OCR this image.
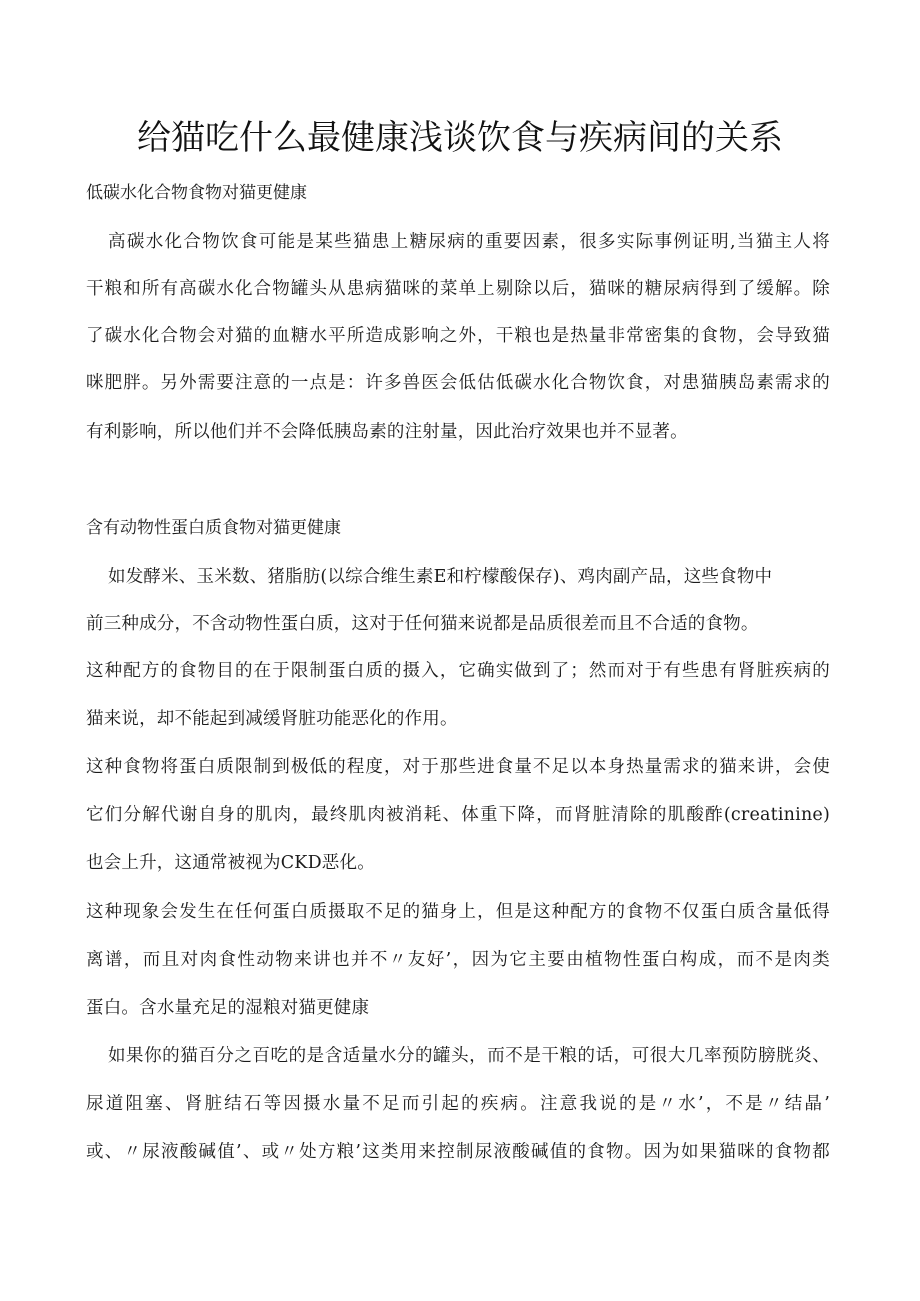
给猫吃什么最健康浅谈饮食与疾病间的关系

低碳水化合物食物对猫更健康

高碳水化合物饮食可能是某些猫患上糖尿病的重要因素，很多实际事例证明,当猫主人将

干粮和所有高碳水化合物罐头从患病猫咪的菜单上剔除以后，猫咪的糖尿病得到了缓解。除

了碳水化合物会对猫的血糖水平所造成影响之外，干粮也是热量非常密集的食物，会导致猫

咪肥胖。另外需要注意的一点是：许多兽医会低估低碳水化合物饮食，对患猫胰岛素需求的

有利影响，所以他们并不会降低胰岛素的注射量，因此治疗效果也并不显著。

含有动物性蛋白质食物对猫更健康

如发酵米、玉米数、猪脂肪(以综合维生素E和柠檬酸保存)、鸡肉副产品，这些食物中

前三种成分，不含动物性蛋白质，这对于任何猫来说都是品质很差而且不合适的食物。

这种配方的食物目的在于限制蛋白质的摄入，它确实做到了；然而对于有些患有肾脏疾病的

猫来说，却不能起到减缓肾脏功能恶化的作用。

这种食物将蛋白质限制到极低的程度，对于那些进食量不足以本身热量需求的猫来讲，会使

它们分解代谢自身的肌肉，最终肌肉被消耗、体重下降，而肾脏清除的肌酸酢(creatinine)

也会上升，这通常被视为CKD恶化。

这种现象会发生在任何蛋白质摄取不足的猫身上，但是这种配方的食物不仅蛋白质含量低得

离谱，而且对肉食性动物来讲也并不〃友好’，因为它主要由植物性蛋白构成，而不是肉类

蛋白。含水量充足的湿粮对猫更健康

如果你的猫百分之百吃的是含适量水分的罐头，而不是干粮的话，可很大几率预防膀胱炎、

尿道阻塞、肾脏结石等因摄水量不足而引起的疾病。注意我说的是〃水’，不是〃结晶’

或、〃尿液酸碱值’、或〃处方粮’这类用来控制尿液酸碱值的食物。因为如果猫咪的食物都
